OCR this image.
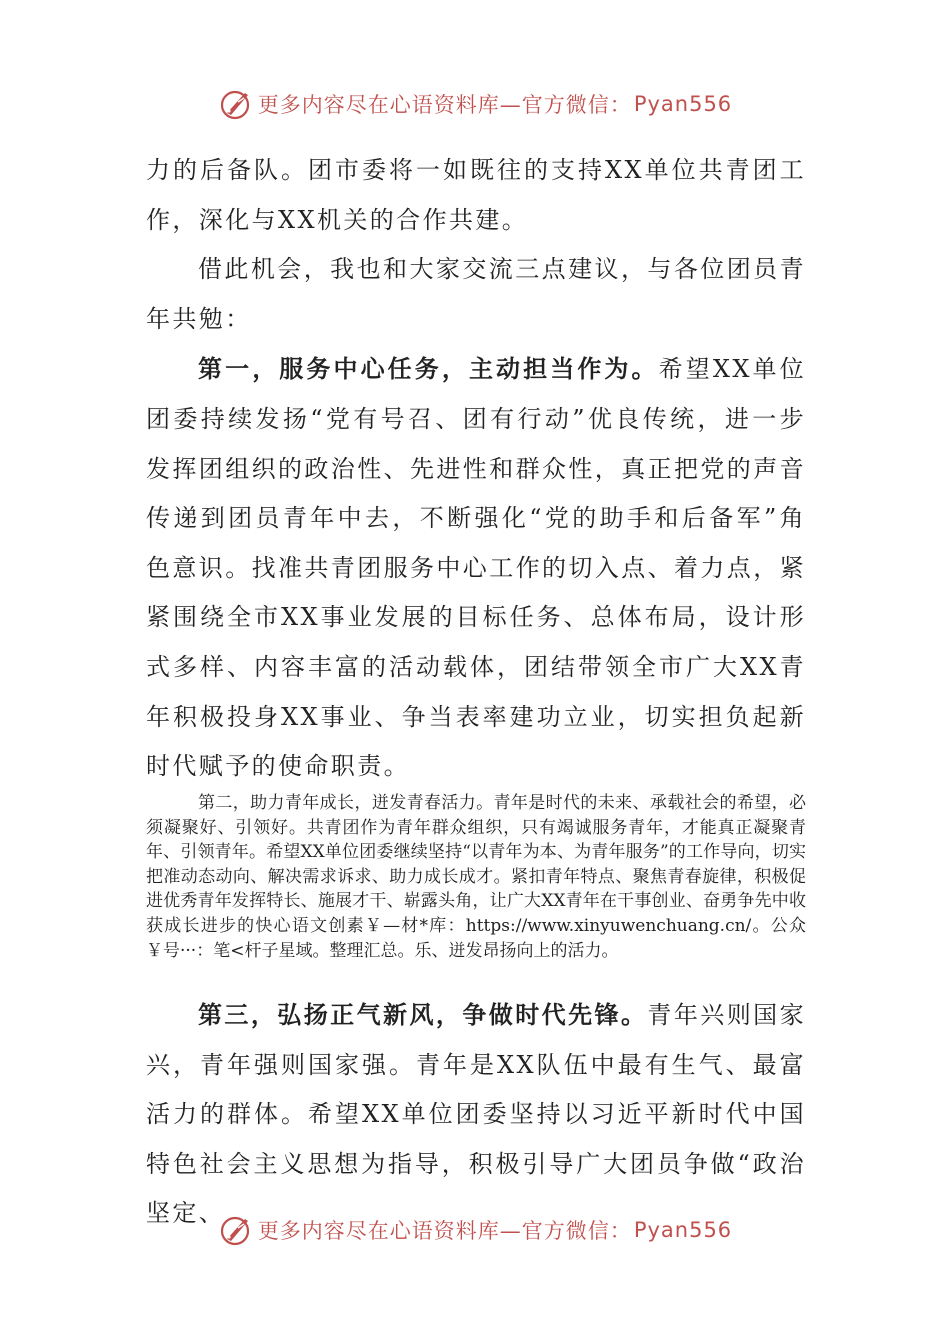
更多内容尽在心语资料库—官方微信： Pyan556

力的后备队。团市委将一如既往的支持XX单位共青团工作，深化与XX机关的合作共建。

借此机会，我也和大家交流三点建议，与各位团员青年共勉：

第一，服务中心任务，主动担当作为。希望XX单位团委持续发扬“党有号召、团有行动”优良传统，进一步发挥团组织的政治性、先进性和群众性，真正把党的声音传递到团员青年中去，不断强化“党的助手和后备军”角色意识。找准共青团服务中心工作的切入点、着力点，紧紧围绕全市XX事业发展的目标任务、总体布局，设计形式多样、内容丰富的活动载体，团结带领全市广大XX青年积极投身XX事业、争当表率建功立业，切实担负起新时代赋予的使命职责。

第二，助力青年成长，迸发青春活力。青年是时代的未来、承载社会的希望，必须凝聚好、引领好。共青团作为青年群众组织，只有竭诚服务青年，才能真正凝聚青年、引领青年。希望XX单位团委继续坚持“以青年为本、为青年服务”的工作导向，切实把准动态动向、解决需求诉求、助力成长成才。紧扣青年特点、聚焦青春旋律，积极促进优秀青年发挥特长、施展才干、崭露头角，让广大XX青年在干事创业、奋勇争先中收获成长进步的快心语文创素￥—材*库：https://www.xinyuwenchuang.cn/。公众￥号···：笔<杆子星域。整理汇总。乐、迸发昂扬向上的活力。

第三，弘扬正气新风，争做时代先锋。青年兴则国家兴，青年强则国家强。青年是XX队伍中最有生气、最富活力的群体。希望XX单位团委坚持以习近平新时代中国特色社会主义思想为指导，积极引导广大团员争做“政治坚定、

更多内容尽在心语资料库—官方微信： Pyan556
